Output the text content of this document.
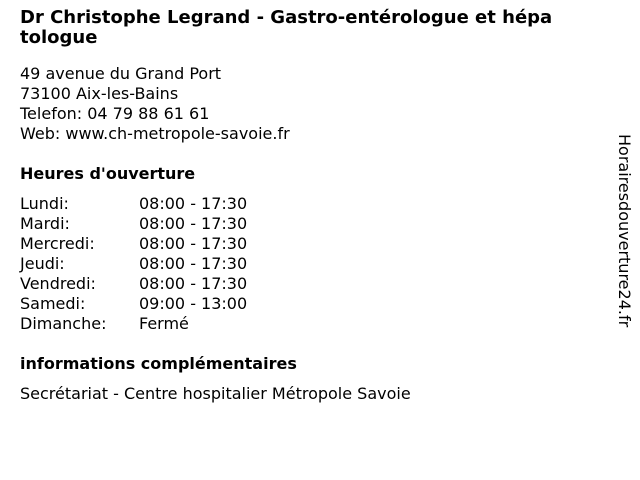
Dr Christophe Legrand - Gastro-entérologue et hépa
tologue
49 avenue du Grand Port
73100 Aix-les-Bains
Telefon: 04 79 88 61 61
Web: www.ch-metropole-savoie.fr
Heures d'ouverture
Lundi:	08:00 - 17:30
Mardi:	08:00 - 17:30
Mercredi:	08:00 - 17:30
Jeudi:	08:00 - 17:30
Vendredi:	08:00 - 17:30
Samedi:	09:00 - 13:00
Dimanche: Fermé
informations complémentaires
Secrétariat - Centre hospitalier Métropole Savoie
Horairesdouverture24.fr
